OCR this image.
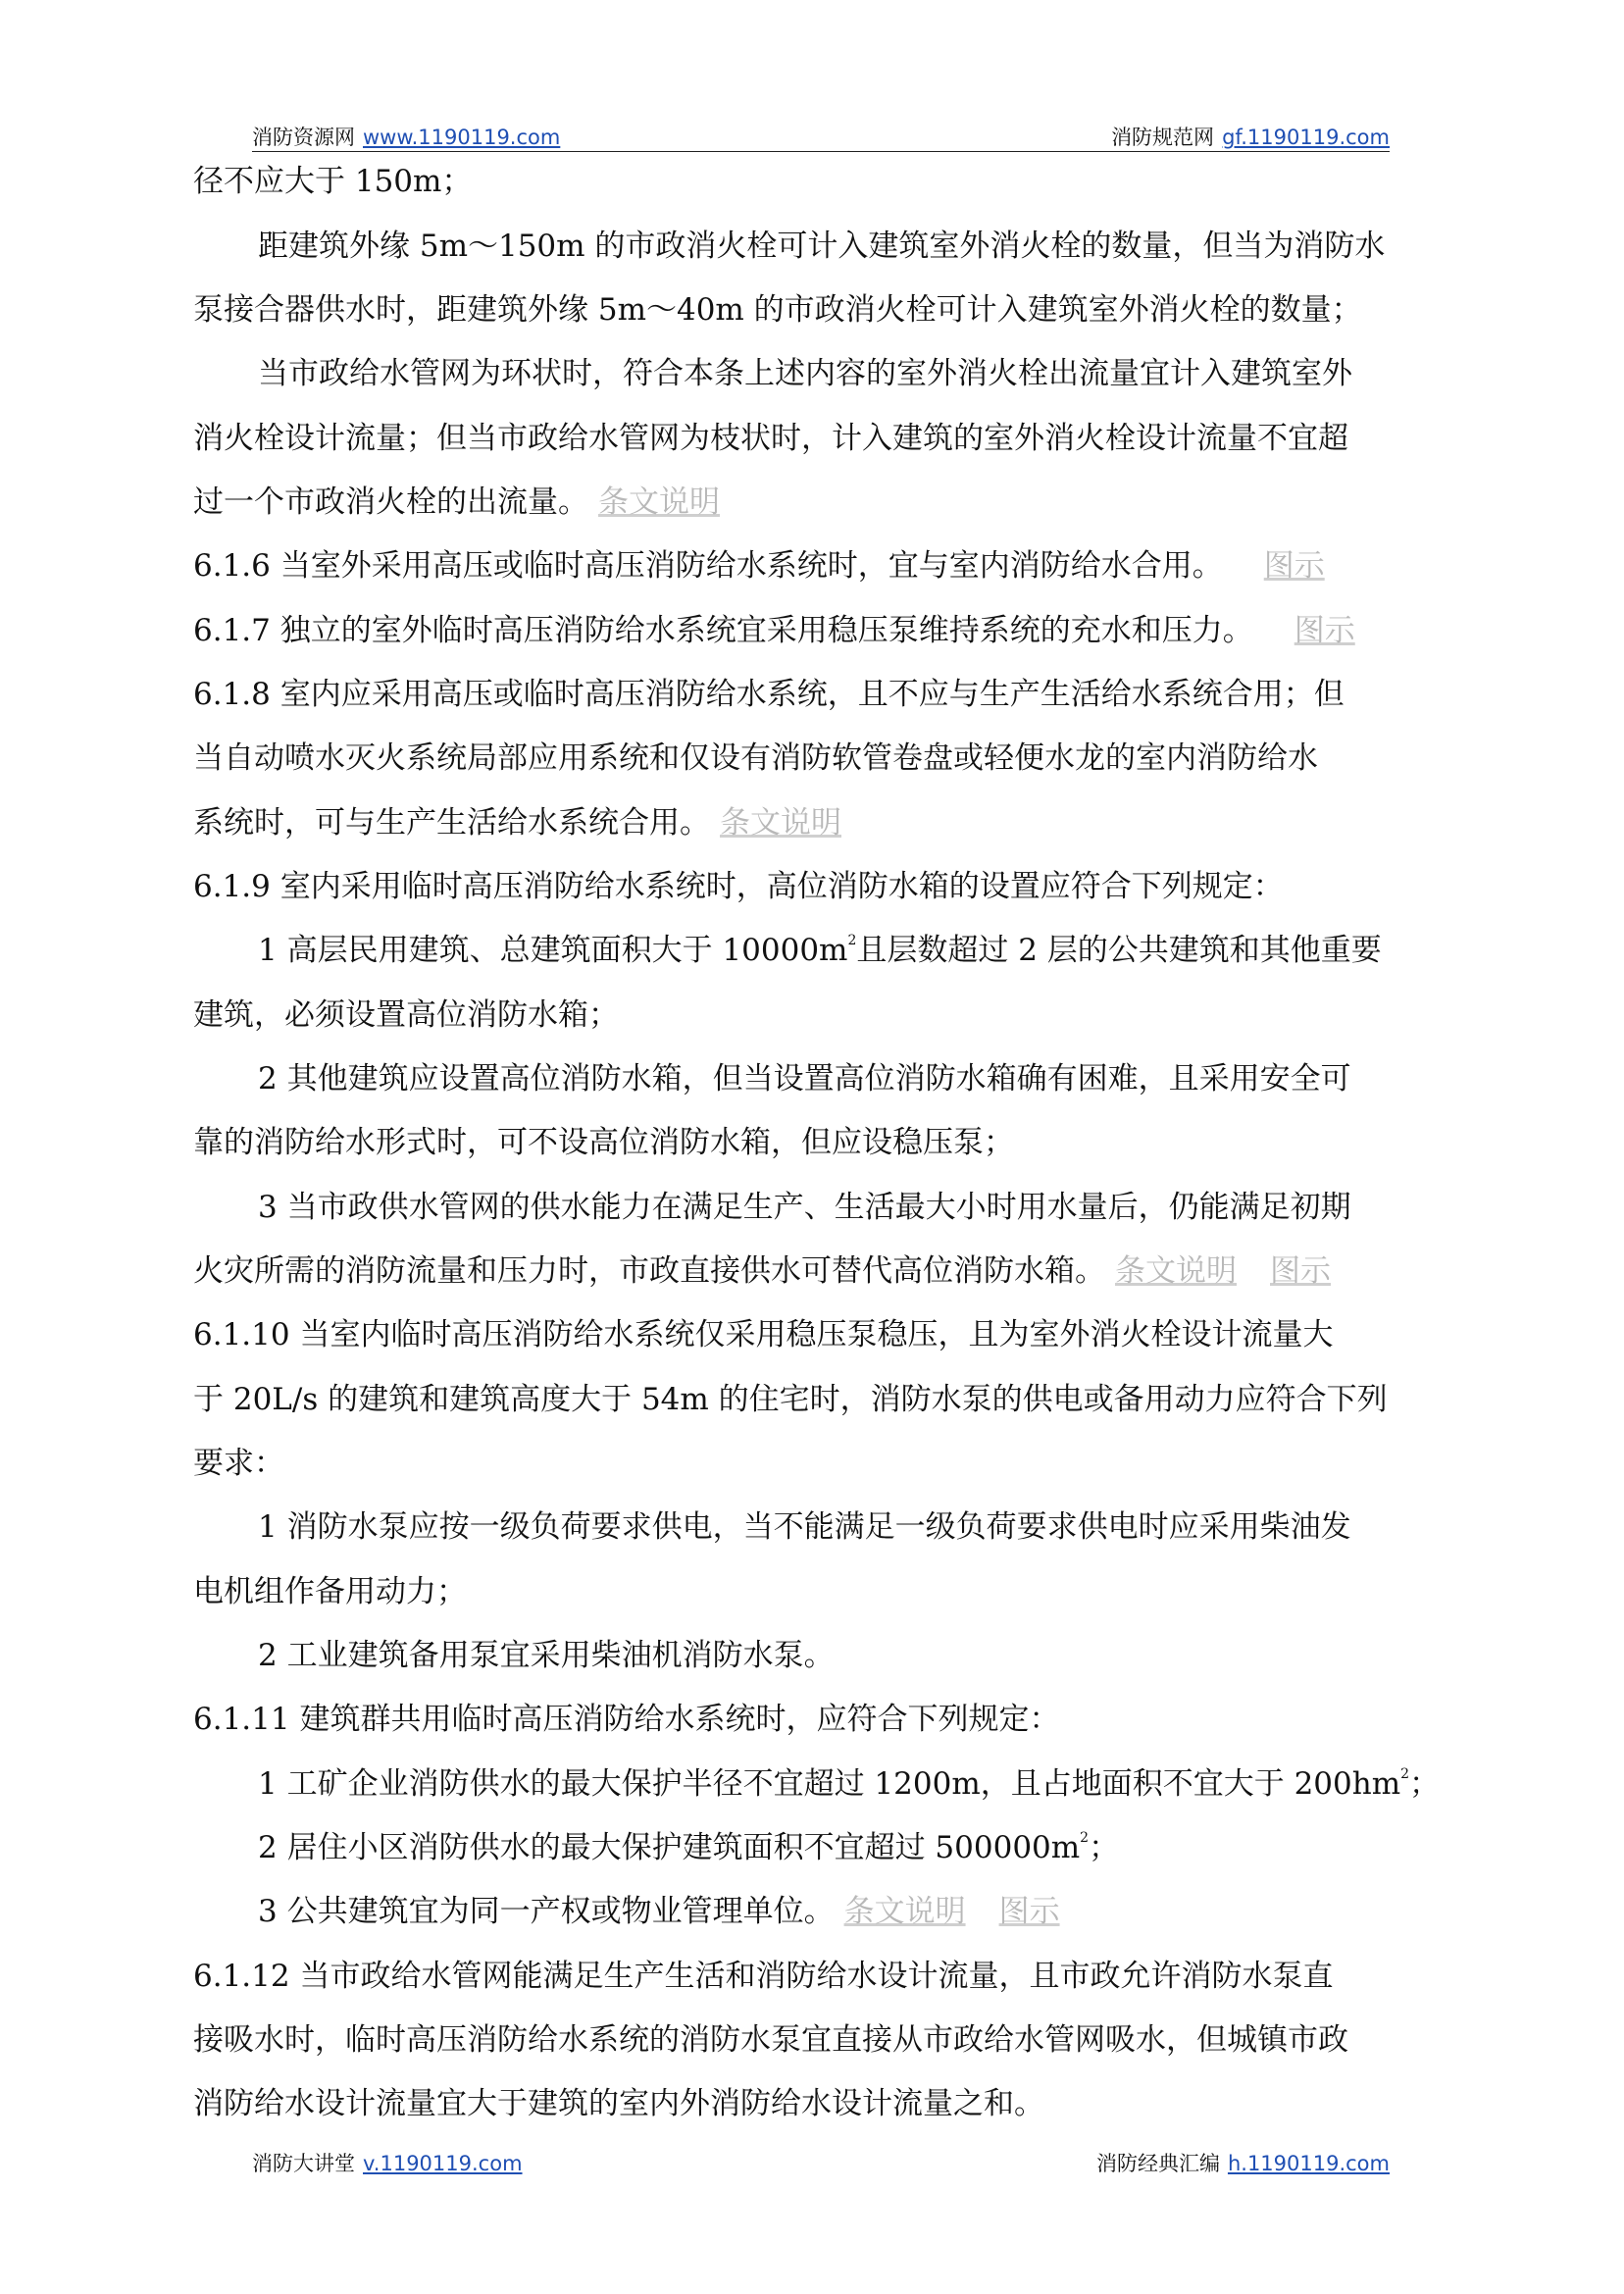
消防资源网 www.1190119.com	消防规范网 gf.1190119.com
径不应大于 150m；
距建筑外缘 5m～150m 的市政消火栓可计入建筑室外消火栓的数量，但当为消防水
泵接合器供水时，距建筑外缘 5m～40m 的市政消火栓可计入建筑室外消火栓的数量；
当市政给水管网为环状时，符合本条上述内容的室外消火栓出流量宜计入建筑室外
消火栓设计流量；但当市政给水管网为枝状时，计入建筑的室外消火栓设计流量不宜超
过一个市政消火栓的出流量。 条文说明
6.1.6 当室外采用高压或临时高压消防给水系统时，宜与室内消防给水合用。 图示
6.1.7 独立的室外临时高压消防给水系统宜采用稳压泵维持系统的充水和压力。 图示
6.1.8 室内应采用高压或临时高压消防给水系统，且不应与生产生活给水系统合用；但
当自动喷水灭火系统局部应用系统和仅设有消防软管卷盘或轻便水龙的室内消防给水
系统时，可与生产生活给水系统合用。 条文说明
6.1.9 室内采用临时高压消防给水系统时，高位消防水箱的设置应符合下列规定：
1 高层民用建筑、总建筑面积大于 $10000m^2$且层数超过 2 层的公共建筑和其他重要
建筑，必须设置高位消防水箱；
2 其他建筑应设置高位消防水箱，但当设置高位消防水箱确有困难，且采用安全可
靠的消防给水形式时，可不设高位消防水箱，但应设稳压泵；
3 当市政供水管网的供水能力在满足生产、生活最大小时用水量后，仍能满足初期
火灾所需的消防流量和压力时，市政直接供水可替代高位消防水箱。 条文说明 图示
6.1.10 当室内临时高压消防给水系统仅采用稳压泵稳压，且为室外消火栓设计流量大
于 20L/s 的建筑和建筑高度大于 54m 的住宅时，消防水泵的供电或备用动力应符合下列
要求：
1 消防水泵应按一级负荷要求供电，当不能满足一级负荷要求供电时应采用柴油发
电机组作备用动力；
2 工业建筑备用泵宜采用柴油机消防水泵。
6.1.11 建筑群共用临时高压消防给水系统时，应符合下列规定：
1 工矿企业消防供水的最大保护半径不宜超过 1200m，且占地面积不宜大于 $200hm^2$；
2 居住小区消防供水的最大保护建筑面积不宜超过 $500000m^2$；
3 公共建筑宜为同一产权或物业管理单位。 条文说明 图示
6.1.12 当市政给水管网能满足生产生活和消防给水设计流量，且市政允许消防水泵直
接吸水时，临时高压消防给水系统的消防水泵宜直接从市政给水管网吸水，但城镇市政
消防给水设计流量宜大于建筑的室内外消防给水设计流量之和。
消防大讲堂 v.1190119.com	消防经典汇编 h.1190119.com
